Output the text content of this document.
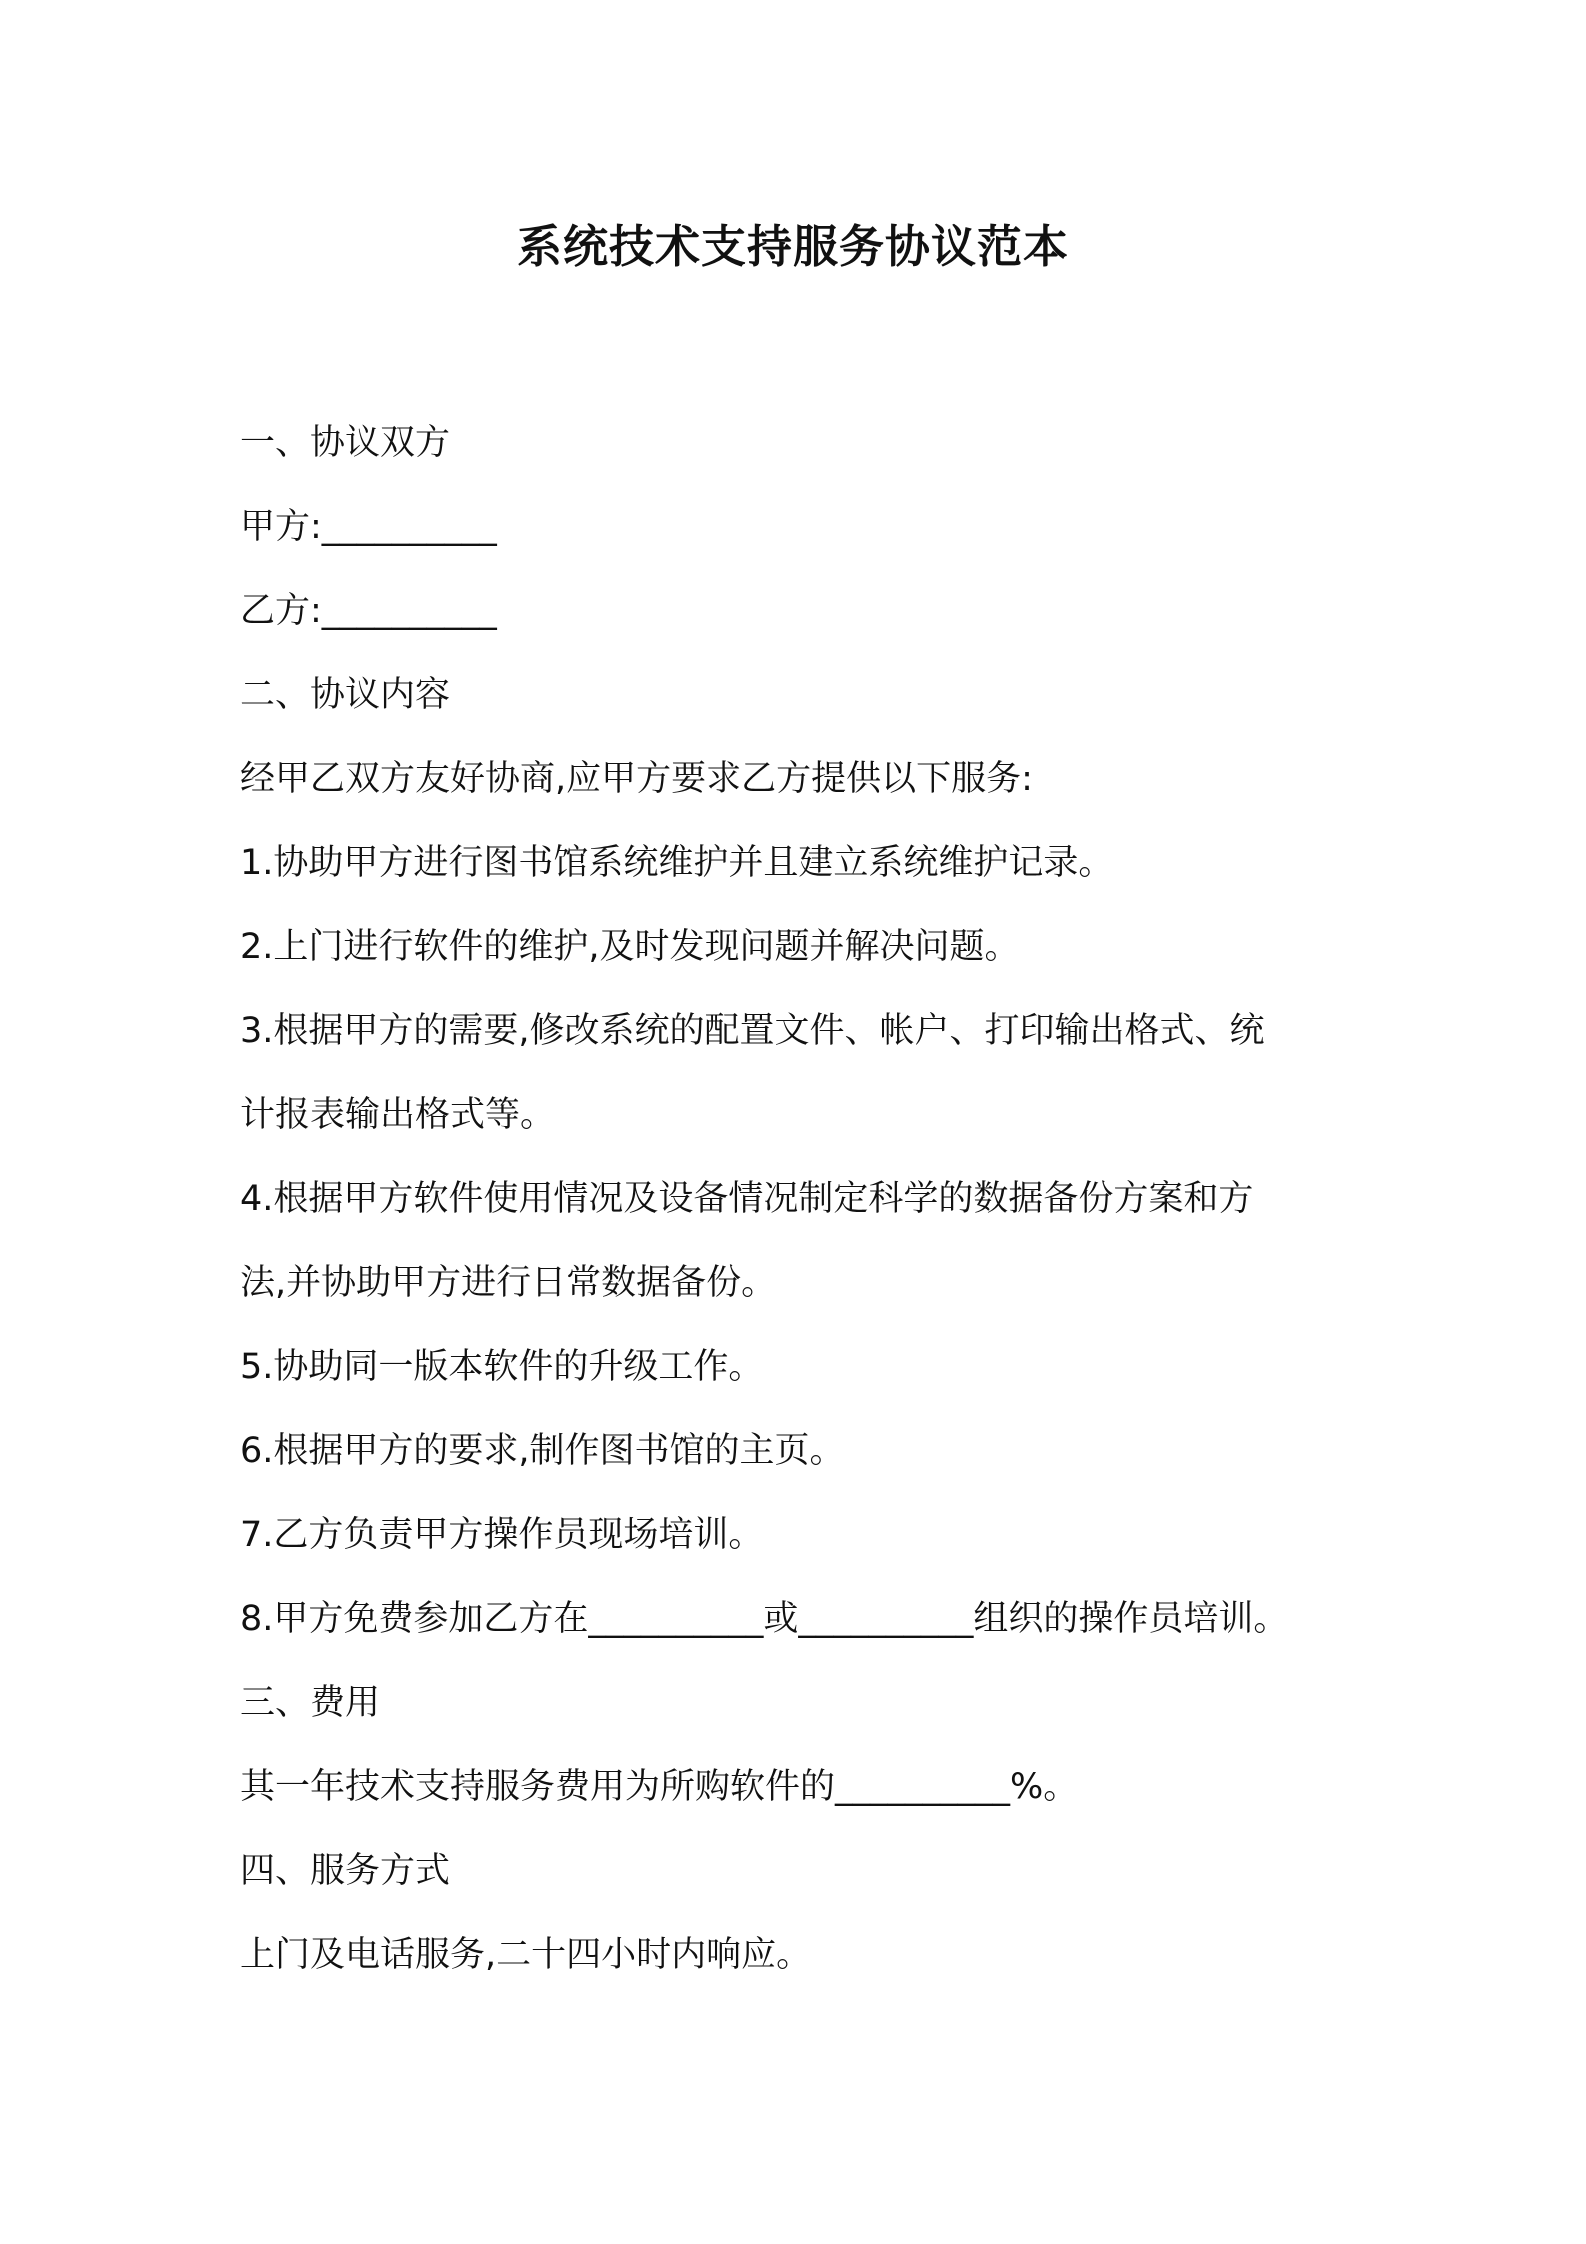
系统技术支持服务协议范本
一、协议双方
甲方:__________
乙方:__________
二、协议内容
经甲乙双方友好协商,应甲方要求乙方提供以下服务:
1.协助甲方进行图书馆系统维护并且建立系统维护记录。
2.上门进行软件的维护,及时发现问题并解决问题。
3.根据甲方的需要,修改系统的配置文件、帐户、打印输出格式、统
计报表输出格式等。
4.根据甲方软件使用情况及设备情况制定科学的数据备份方案和方
法,并协助甲方进行日常数据备份。
5.协助同一版本软件的升级工作。
6.根据甲方的要求,制作图书馆的主页。
7.乙方负责甲方操作员现场培训。
8.甲方免费参加乙方在__________或__________组织的操作员培训。
三、费用
其一年技术支持服务费用为所购软件的__________%。
四、服务方式
上门及电话服务,二十四小时内响应。
